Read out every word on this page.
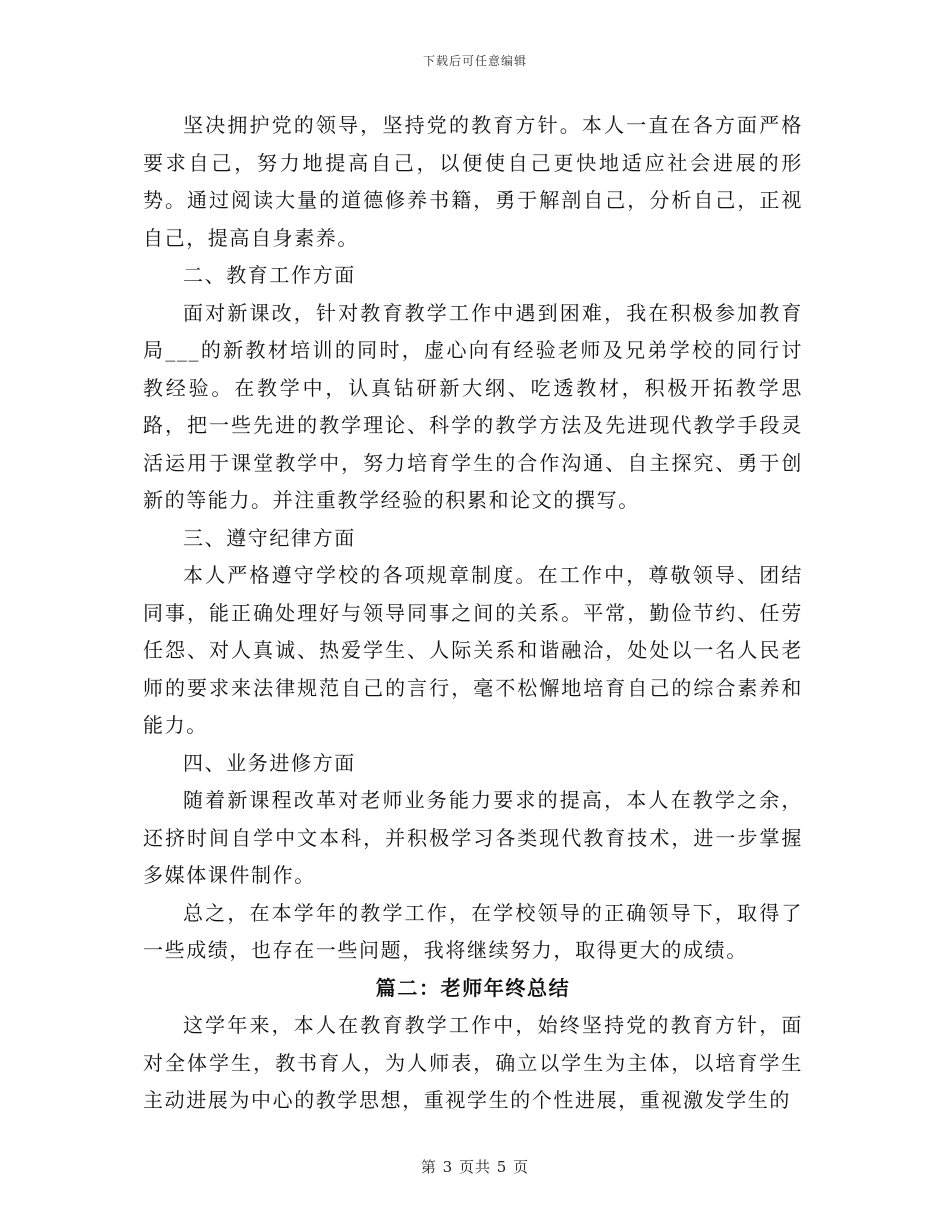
下载后可任意编辑

坚决拥护党的领导，坚持党的教育方针。本人一直在各方面严格要求自己，努力地提高自己，以便使自己更快地适应社会进展的形势。通过阅读大量的道德修养书籍，勇于解剖自己，分析自己，正视自己，提高自身素养。

二、教育工作方面

面对新课改，针对教育教学工作中遇到困难，我在积极参加教育局___的新教材培训的同时，虚心向有经验老师及兄弟学校的同行讨教经验。在教学中，认真钻研新大纲、吃透教材，积极开拓教学思路，把一些先进的教学理论、科学的教学方法及先进现代教学手段灵活运用于课堂教学中，努力培育学生的合作沟通、自主探究、勇于创新的等能力。并注重教学经验的积累和论文的撰写。

三、遵守纪律方面

本人严格遵守学校的各项规章制度。在工作中，尊敬领导、团结同事，能正确处理好与领导同事之间的关系。平常，勤俭节约、任劳任怨、对人真诚、热爱学生、人际关系和谐融洽，处处以一名人民老师的要求来法律规范自己的言行，毫不松懈地培育自己的综合素养和能力。

四、业务进修方面

随着新课程改革对老师业务能力要求的提高，本人在教学之余，还挤时间自学中文本科，并积极学习各类现代教育技术，进一步掌握多媒体课件制作。

总之，在本学年的教学工作，在学校领导的正确领导下，取得了一些成绩，也存在一些问题，我将继续努力，取得更大的成绩。

篇二：老师年终总结

这学年来，本人在教育教学工作中，始终坚持党的教育方针，面对全体学生，教书育人，为人师表，确立以学生为主体，以培育学生主动进展为中心的教学思想，重视学生的个性进展，重视激发学生的

第 3 页共 5 页
